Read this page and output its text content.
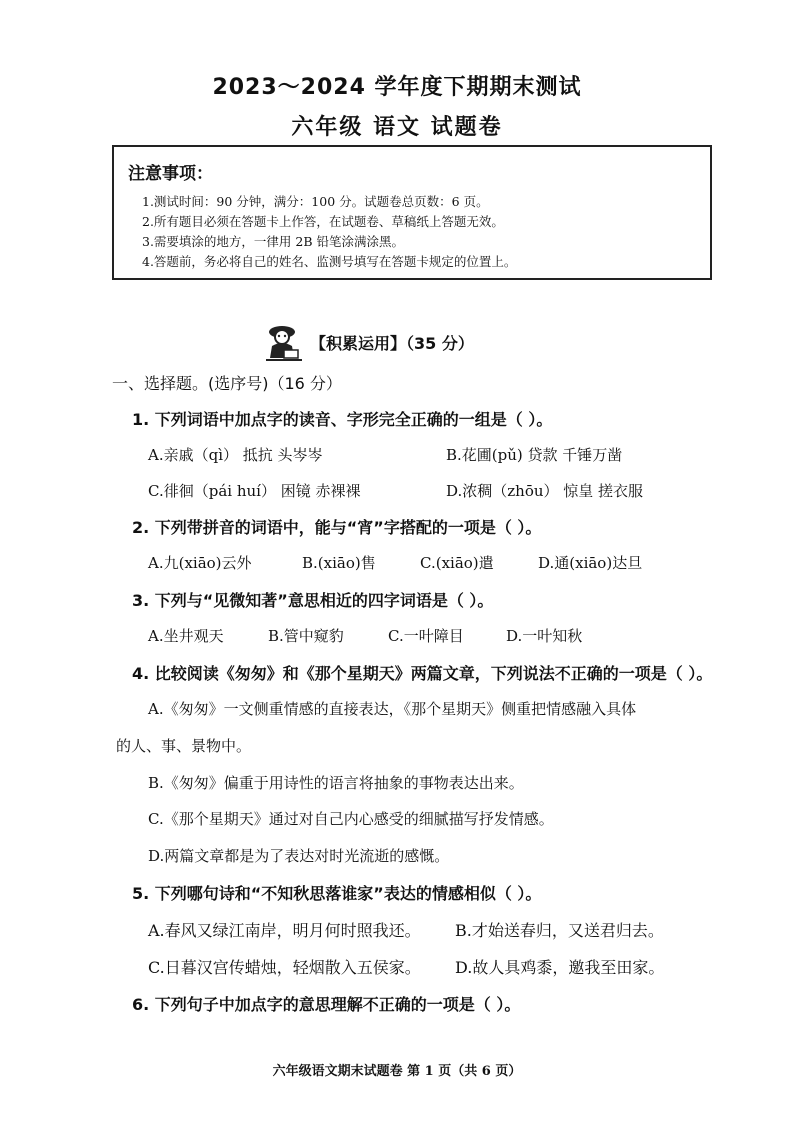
2023～2024 学年度下期期末测试
六年级 语文 试题卷
注意事项：
1.测试时间：90 分钟，满分：100 分。试题卷总页数：6 页。
2.所有题目必须在答题卡上作答，在试题卷、草稿纸上答题无效。
3.需要填涂的地方，一律用 2B 铅笔涂满涂黑。
4.答题前，务必将自己的姓名、监测号填写在答题卡规定的位置上。
【积累运用】（35 分）
一、选择题。(选序号)（16 分）
1. 下列词语中加点字的读音、字形完全正确的一组是（ ）。
A.亲戚（qì） 抵抗 头岑岑	B.花圃(pǔ) 贷款 千锤万凿
C.徘徊（pái huí） 困镜 赤裸裸	D.浓稠（zhōu） 惊皇 搓衣服
2. 下列带拼音的词语中，能与“宵”字搭配的一项是（ ）。
A.九(xiāo)云外	B.(xiāo)售	C.(xiāo)遣	D.通(xiāo)达旦
3. 下列与“见微知著”意思相近的四字词语是（ ）。
A.坐井观天	B.管中窥豹	C.一叶障目	D.一叶知秋
4. 比较阅读《匆匆》和《那个星期天》两篇文章，下列说法不正确的一项是（ ）。
A.《匆匆》一文侧重情感的直接表达，《那个星期天》侧重把情感融入具体
的人、事、景物中。
B.《匆匆》偏重于用诗性的语言将抽象的事物表达出来。
C.《那个星期天》通过对自己内心感受的细腻描写抒发情感。
D.两篇文章都是为了表达对时光流逝的感慨。
5. 下列哪句诗和“不知秋思落谁家”表达的情感相似（ ）。
A.春风又绿江南岸，明月何时照我还。 B.才始送春归，又送君归去。
C.日暮汉宫传蜡烛，轻烟散入五侯家。 D.故人具鸡黍，邀我至田家。
6. 下列句子中加点字的意思理解不正确的一项是（ ）。
六年级语文期末试题卷 第 1 页（共 6 页）
